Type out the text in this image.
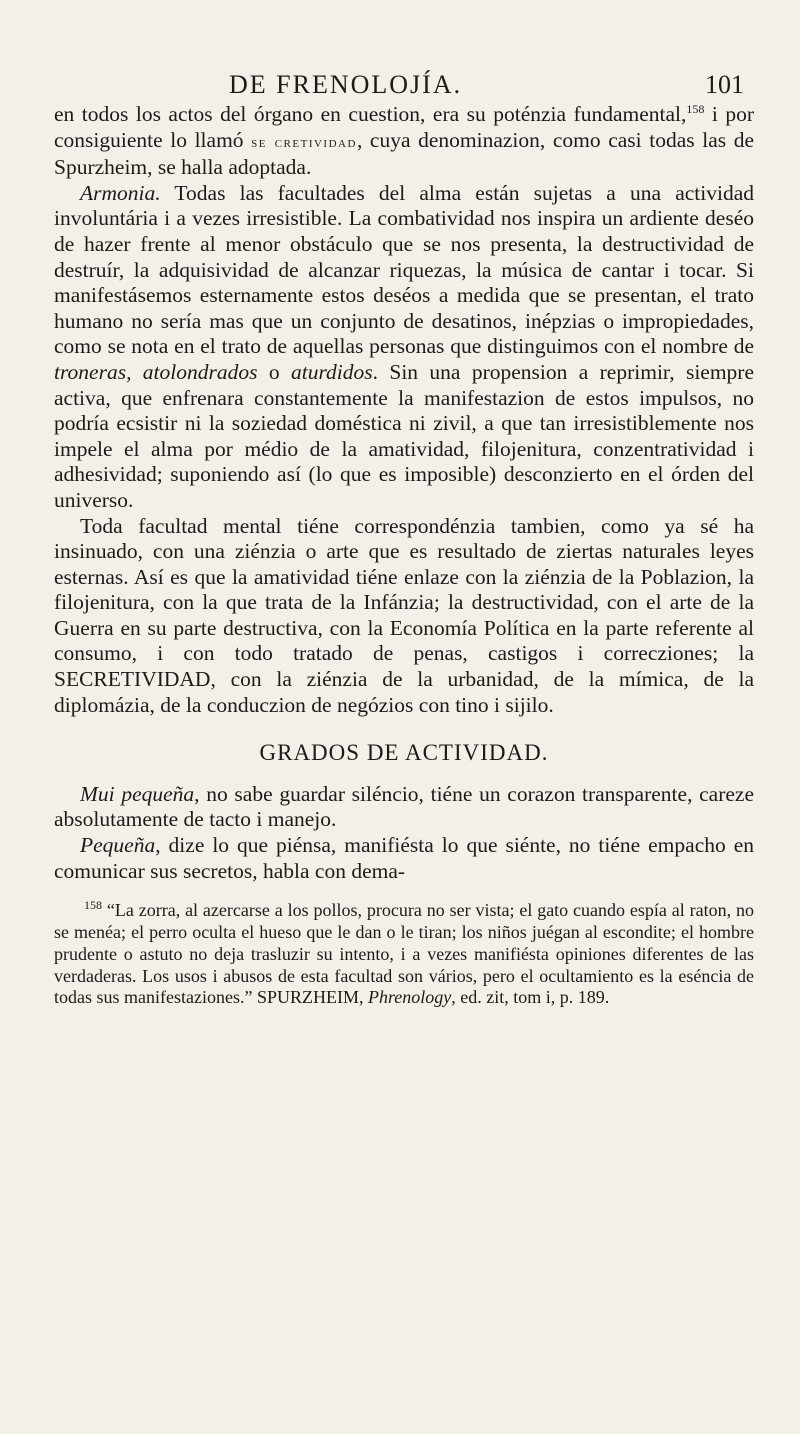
DE FRENOLOJÍA.	101

en todos los actos del órgano en cuestion, era su poténzia fundamental,$^{158}$ i por consiguiente lo llamó se cretividad, cuya denominazion, como casi todas las de Spurzheim, se halla adoptada.

Armonia. Todas las facultades del alma están sujetas a una actividad involuntária i a vezes irresistible. La combatividad nos inspira un ardiente deséo de hazer frente al menor obstáculo que se nos presenta, la destructividad de destruír, la adquisividad de alcanzar riquezas, la música de cantar i tocar. Si manifestásemos esternamente estos deséos a medida que se presentan, el trato humano no sería mas que un conjunto de desatinos, inépzias o impropiedades, como se nota en el trato de aquellas personas que distinguimos con el nombre de troneras, atolondrados o aturdidos. Sin una propension a reprimir, siempre activa, que enfrenara constantemente la manifestazion de estos impulsos, no podría ecsistir ni la soziedad doméstica ni zivil, a que tan irresistiblemente nos impele el alma por médio de la amatividad, filojenitura, conzentratividad i adhesividad; suponiendo así (lo que es imposible) desconzierto en el órden del universo.

Toda facultad mental tiéne correspondénzia tambien, como ya sé ha insinuado, con una ziénzia o arte que es resultado de ziertas naturales leyes esternas. Así es que la amatividad tiéne enlaze con la ziénzia de la Poblazion, la filojenitura, con la que trata de la Infánzia; la destructividad, con el arte de la Guerra en su parte destructiva, con la Economía Política en la parte referente al consumo, i con todo tratado de penas, castigos i correcziones; la SECRETIVIDAD, con la ziénzia de la urbanidad, de la mímica, de la diplomázia, de la conduczion de negózios con tino i sijilo.

GRADOS DE ACTIVIDAD.

Mui pequeña, no sabe guardar siléncio, tiéne un corazon transparente, careze absolutamente de tacto i manejo.

Pequeña, dize lo que piénsa, manifiésta lo que siénte, no tiéne empacho en comunicar sus secretos, habla con dema-

$^{158}$ “La zorra, al azercarse a los pollos, procura no ser vista; el gato cuando espía al raton, no se menéa; el perro oculta el hueso que le dan o le tiran; los niños juégan al escondite; el hombre prudente o astuto no deja trasluzir su intento, i a vezes manifiésta opiniones diferentes de las verdaderas. Los usos i abusos de esta facultad son vários, pero el ocultamiento es la eséncia de todas sus manifestaziones.” SPURZHEIM, Phrenology, ed. zit, tom i, p. 189.
